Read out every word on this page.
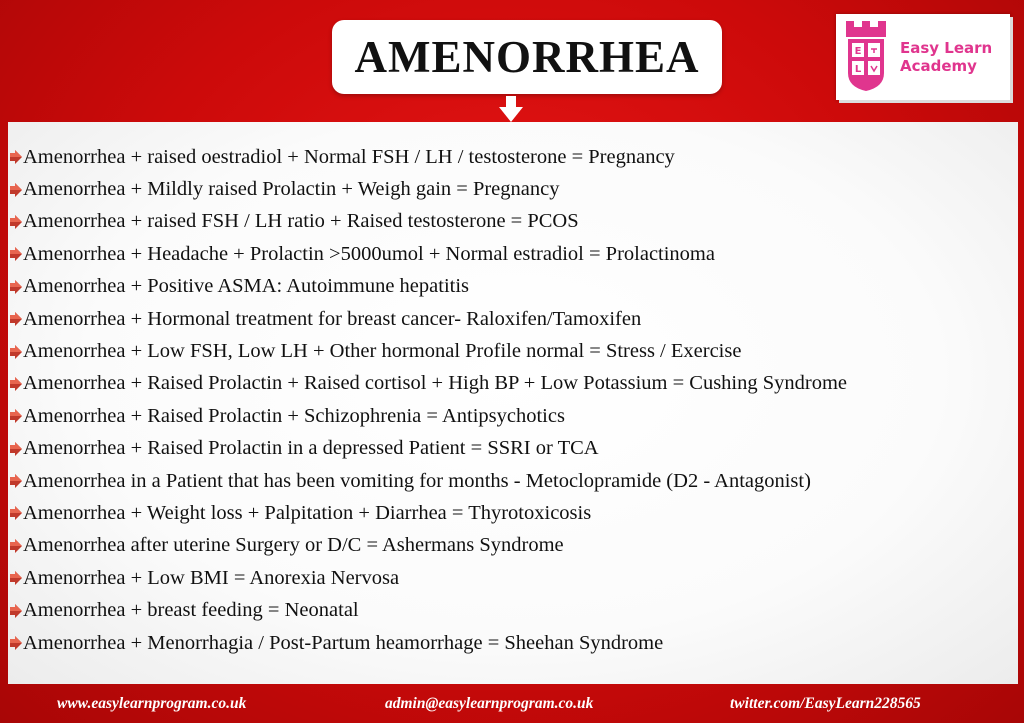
AMENORRHEA	E
L
Easy Learn
Academy
Amenorrhea + raised oestradiol + Normal FSH / LH / testosterone = Pregnancy
Amenorrhea + Mildly raised Prolactin + Weigh gain = Pregnancy
Amenorrhea + raised FSH / LH ratio + Raised testosterone = PCOS
Amenorrhea + Headache + Prolactin >5000umol + Normal estradiol = Prolactinoma
Amenorrhea + Positive ASMA: Autoimmune hepatitis
Amenorrhea + Hormonal treatment for breast cancer- Raloxifen/Tamoxifen
Amenorrhea + Low FSH, Low LH + Other hormonal Profile normal = Stress / Exercise
Amenorrhea + Raised Prolactin + Raised cortisol + High BP + Low Potassium = Cushing Syndrome
Amenorrhea + Raised Prolactin + Schizophrenia = Antipsychotics
Amenorrhea + Raised Prolactin in a depressed Patient = SSRI or TCA
Amenorrhea in a Patient that has been vomiting for months - Metoclopramide (D2 - Antagonist)
Amenorrhea + Weight loss + Palpitation + Diarrhea = Thyrotoxicosis
Amenorrhea after uterine Surgery or D/C = Ashermans Syndrome
Amenorrhea + Low BMI = Anorexia Nervosa
Amenorrhea + breast feeding = Neonatal
Amenorrhea + Menorrhagia / Post-Partum heamorrhage = Sheehan Syndrome
www.easylearnprogram.co.uk	admin@easylearnprogram.co.uk	twitter.com/EasyLearn228565
